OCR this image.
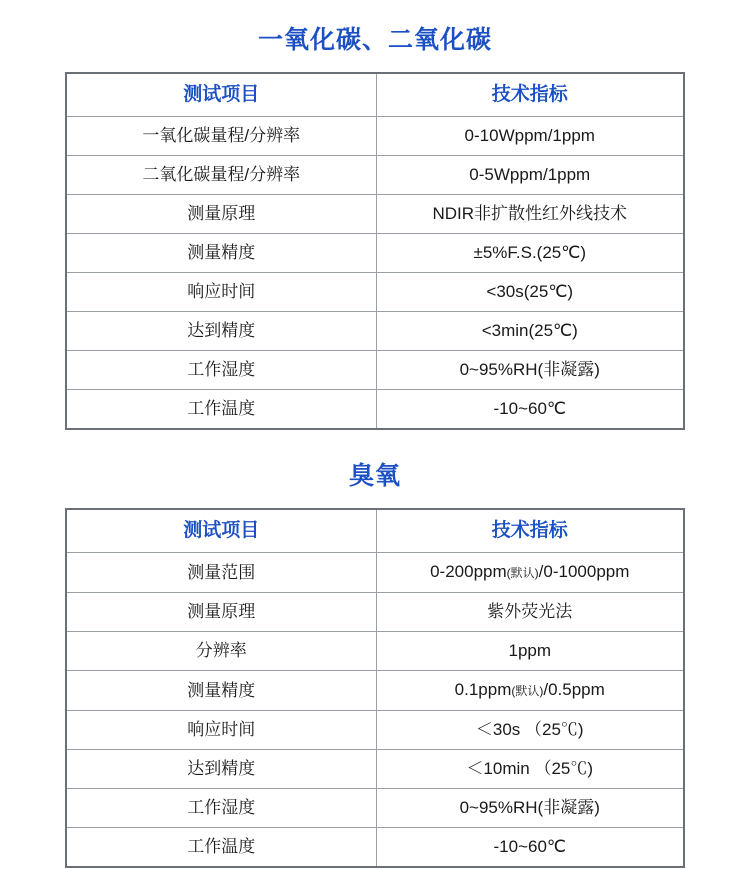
一氧化碳、二氧化碳
测试项目	技术指标
一氧化碳量程/分辨率	0-10Wppm/1ppm
二氧化碳量程/分辨率	0-5Wppm/1ppm
测量原理	NDIR非扩散性红外线技术
测量精度	±5%F.S.(25℃)
响应时间	<30s(25℃)
达到精度	<3min(25℃)
工作湿度	0~95%RH(非凝露)
工作温度	-10~60℃
臭氧
测试项目	技术指标
测量范围	0-200ppm(默认)/0-1000ppm
测量原理	紫外荧光法
分辨率	1ppm
测量精度	0.1ppm(默认)/0.5ppm
响应时间	＜30s （25℃)
达到精度	＜10min （25℃)
工作湿度	0~95%RH(非凝露)
工作温度	-10~60℃
